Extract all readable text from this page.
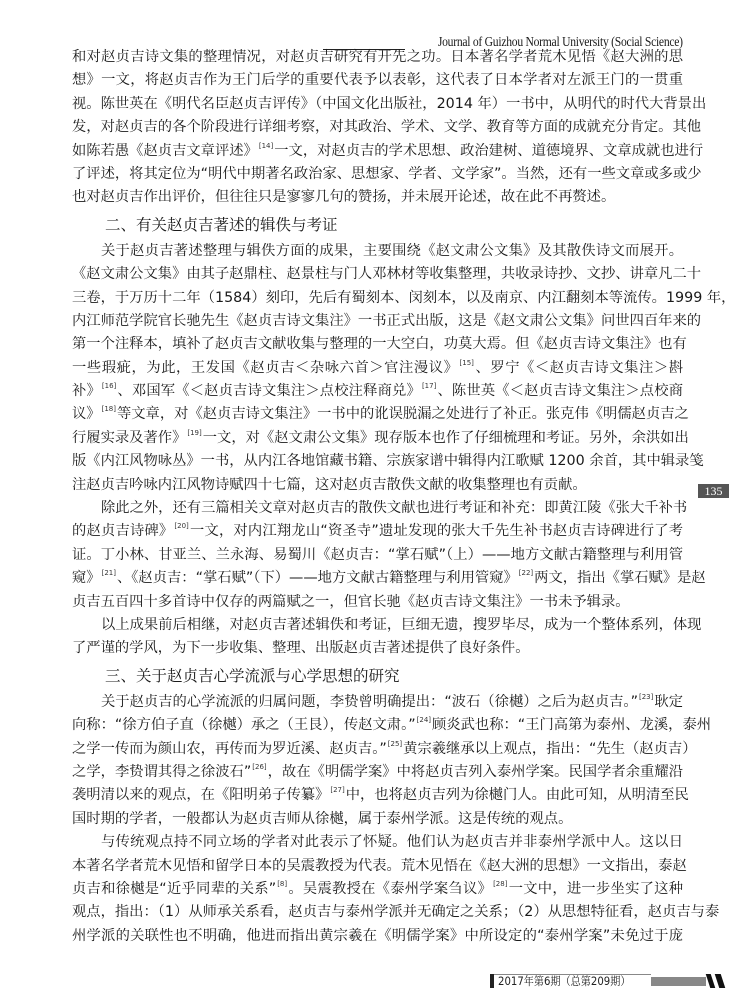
Journal of Guizhou Normal University (Social Science)
和对赵贞吉诗文集的整理情况，对赵贞吉研究有开先之功。日本著名学者荒木见悟《赵大洲的思
想》一文，将赵贞吉作为王门后学的重要代表予以表彰，这代表了日本学者对左派王门的一贯重
视。陈世英在《明代名臣赵贞吉评传》（中国文化出版社，2014 年）一书中，从明代的时代大背景出
发，对赵贞吉的各个阶段进行详细考察，对其政治、学术、文学、教育等方面的成就充分肯定。其他
如陈若愚《赵贞吉文章评述》[14]一文，对赵贞吉的学术思想、政治建树、道德境界、文章成就也进行
了评述，将其定位为“明代中期著名政治家、思想家、学者、文学家”。当然，还有一些文章或多或少
也对赵贞吉作出评价，但往往只是寥寥几句的赞扬，并未展开论述，故在此不再赘述。
二、有关赵贞吉著述的辑佚与考证
关于赵贞吉著述整理与辑佚方面的成果，主要围绕《赵文肃公文集》及其散佚诗文而展开。
《赵文肃公文集》由其子赵鼎柱、赵景柱与门人邓林材等收集整理，共收录诗抄、文抄、讲章凡二十
三卷，于万历十二年（1584）刻印，先后有蜀刻本、闵刻本，以及南京、内江翻刻本等流传。1999 年，
内江师范学院官长驰先生《赵贞吉诗文集注》一书正式出版，这是《赵文肃公文集》问世四百年来的
第一个注释本，填补了赵贞吉文献收集与整理的一大空白，功莫大焉。但《赵贞吉诗文集注》也有
一些瑕疵，为此，王发国《赵贞吉＜杂咏六首＞官注漫议》[15]、罗宁《＜赵贞吉诗文集注＞斟
补》[16]、邓国军《＜赵贞吉诗文集注＞点校注释商兑》[17]、陈世英《＜赵贞吉诗文集注＞点校商
议》[18]等文章，对《赵贞吉诗文集注》一书中的讹误脱漏之处进行了补正。张克伟《明儒赵贞吉之
行履实录及著作》[19]一文，对《赵文肃公文集》现存版本也作了仔细梳理和考证。另外，余洪如出
版《内江风物咏丛》一书，从内江各地馆藏书籍、宗族家谱中辑得内江歌赋 1200 余首，其中辑录笺
注赵贞吉吟咏内江风物诗赋四十七篇，这对赵贞吉散佚文献的收集整理也有贡献。
除此之外，还有三篇相关文章对赵贞吉的散佚文献也进行考证和补充：即黄江陵《张大千补书
的赵贞吉诗碑》[20]一文，对内江翔龙山“资圣寺”遗址发现的张大千先生补书赵贞吉诗碑进行了考
证。丁小林、甘亚兰、兰永海、易蜀川《赵贞吉：“掌石赋”（上）——地方文献古籍整理与利用管
窥》[21]、《赵贞吉：“掌石赋”（下）——地方文献古籍整理与利用管窥》[22]两文，指出《掌石赋》是赵
贞吉五百四十多首诗中仅存的两篇赋之一，但官长驰《赵贞吉诗文集注》一书未予辑录。
以上成果前后相继，对赵贞吉著述辑佚和考证，巨细无遗，搜罗毕尽，成为一个整体系列，体现
了严谨的学风，为下一步收集、整理、出版赵贞吉著述提供了良好条件。
三、关于赵贞吉心学流派与心学思想的研究
关于赵贞吉的心学流派的归属问题，李贽曾明确提出：“波石（徐樾）之后为赵贞吉。”[23]耿定
向称：“徐方伯子直（徐樾）承之（王艮），传赵文肃。”[24]顾炎武也称：“王门高第为泰州、龙溪，泰州
之学一传而为颜山农，再传而为罗近溪、赵贞吉。”[25]黄宗羲继承以上观点，指出：“先生（赵贞吉）
之学，李贽谓其得之徐波石”[26]，故在《明儒学案》中将赵贞吉列入泰州学案。民国学者余重耀沿
袭明清以来的观点，在《阳明弟子传纂》[27]中，也将赵贞吉列为徐樾门人。由此可知，从明清至民
国时期的学者，一般都认为赵贞吉师从徐樾，属于泰州学派。这是传统的观点。
与传统观点持不同立场的学者对此表示了怀疑。他们认为赵贞吉并非泰州学派中人。这以日
本著名学者荒木见悟和留学日本的吴震教授为代表。荒木见悟在《赵大洲的思想》一文指出，泰赵
贞吉和徐樾是“近乎同辈的关系”[8]。吴震教授在《泰州学案刍议》[28]一文中，进一步坐实了这种
观点，指出：（1）从师承关系看，赵贞吉与泰州学派并无确定之关系；（2）从思想特征看，赵贞吉与泰
州学派的关联性也不明确，他进而指出黄宗羲在《明儒学案》中所设定的“泰州学案”未免过于庞
135
2017年第6期（总第209期）
